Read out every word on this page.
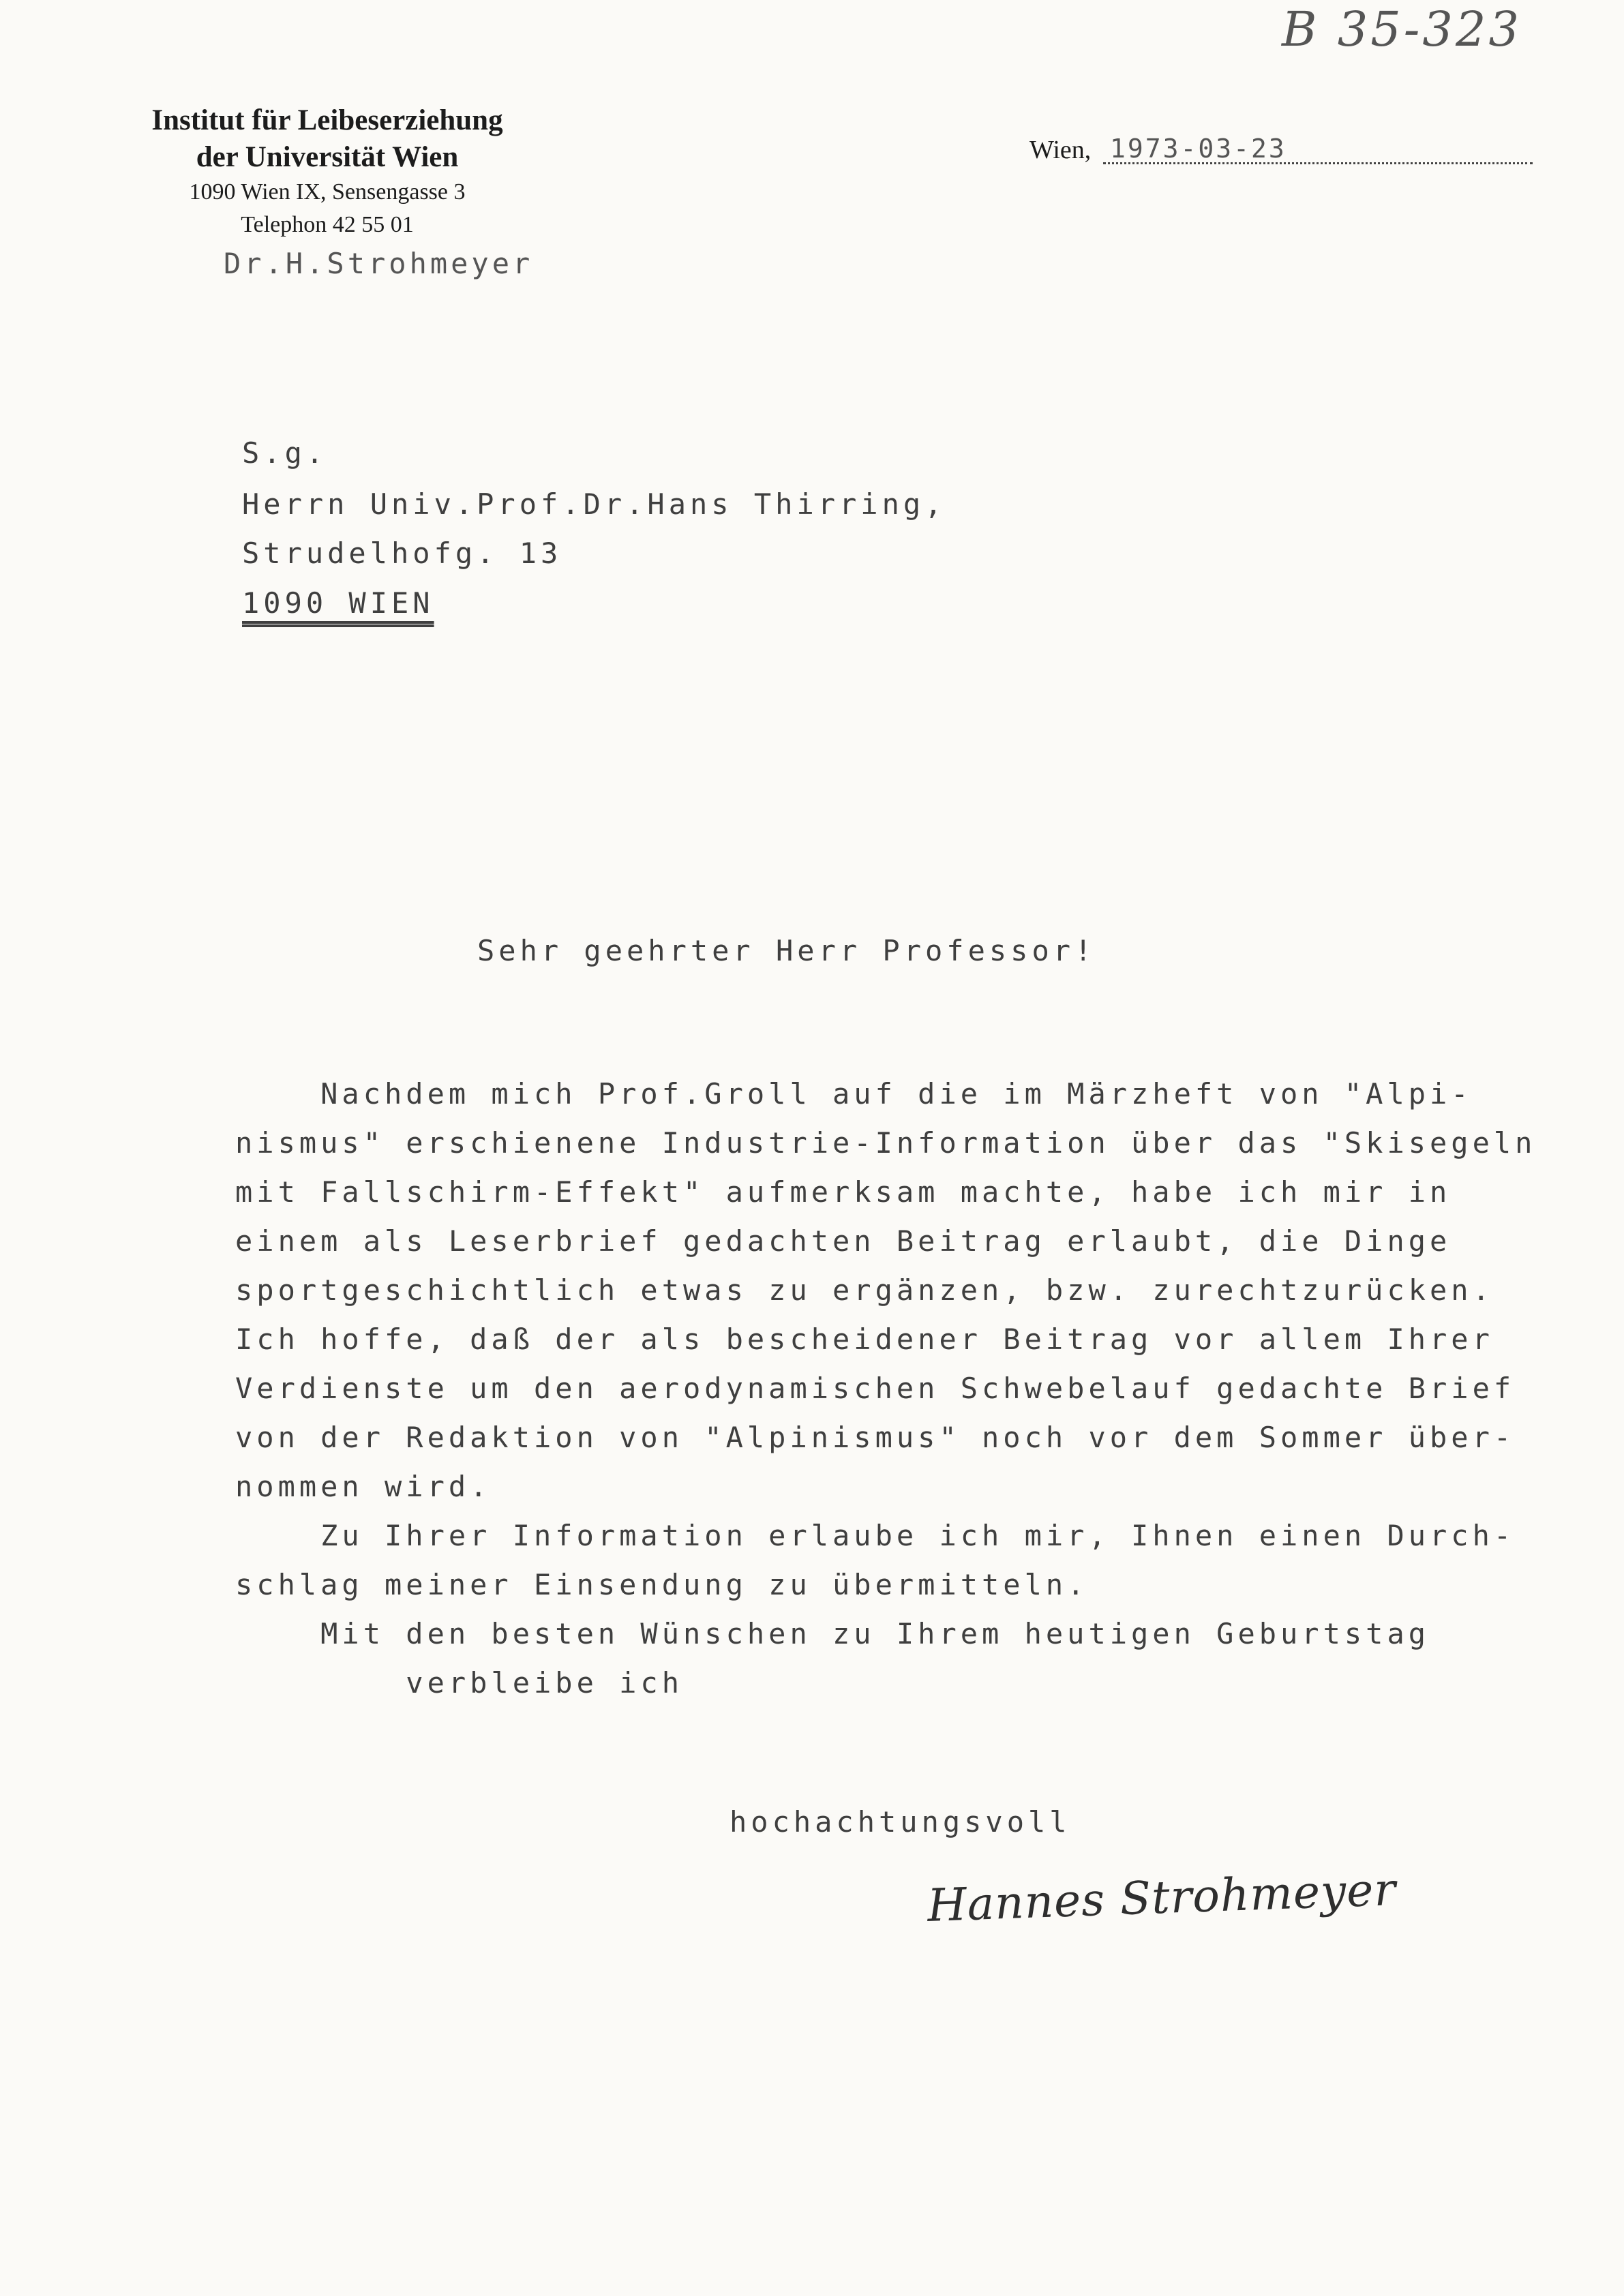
B 35-323
Institut für Leibeserziehung
der Universität Wien
1090 Wien IX, Sensengasse 3
Telephon 42 55 01
Dr.H.Strohmeyer
Wien, 1973-03-23
S.g.
Herrn Univ.Prof.Dr.Hans Thirring,
Strudelhofg. 13
1090 WIEN
Sehr geehrter Herr Professor!
Nachdem mich Prof.Groll auf die im Märzheft von "Alpi-
nismus" erschienene Industrie-Information über das "Skisegeln
mit Fallschirm-Effekt" aufmerksam machte, habe ich mir in
einem als Leserbrief gedachten Beitrag erlaubt, die Dinge
sportgeschichtlich etwas zu ergänzen, bzw. zurechtzurücken.
Ich hoffe, daß der als bescheidener Beitrag vor allem Ihrer
Verdienste um den aerodynamischen Schwebelauf gedachte Brief
von der Redaktion von "Alpinismus" noch vor dem Sommer über-
nommen wird.
Zu Ihrer Information erlaube ich mir, Ihnen einen Durch-
schlag meiner Einsendung zu übermitteln.
Mit den besten Wünschen zu Ihrem heutigen Geburtstag
verbleibe ich
hochachtungsvoll
Hannes Strohmeyer
